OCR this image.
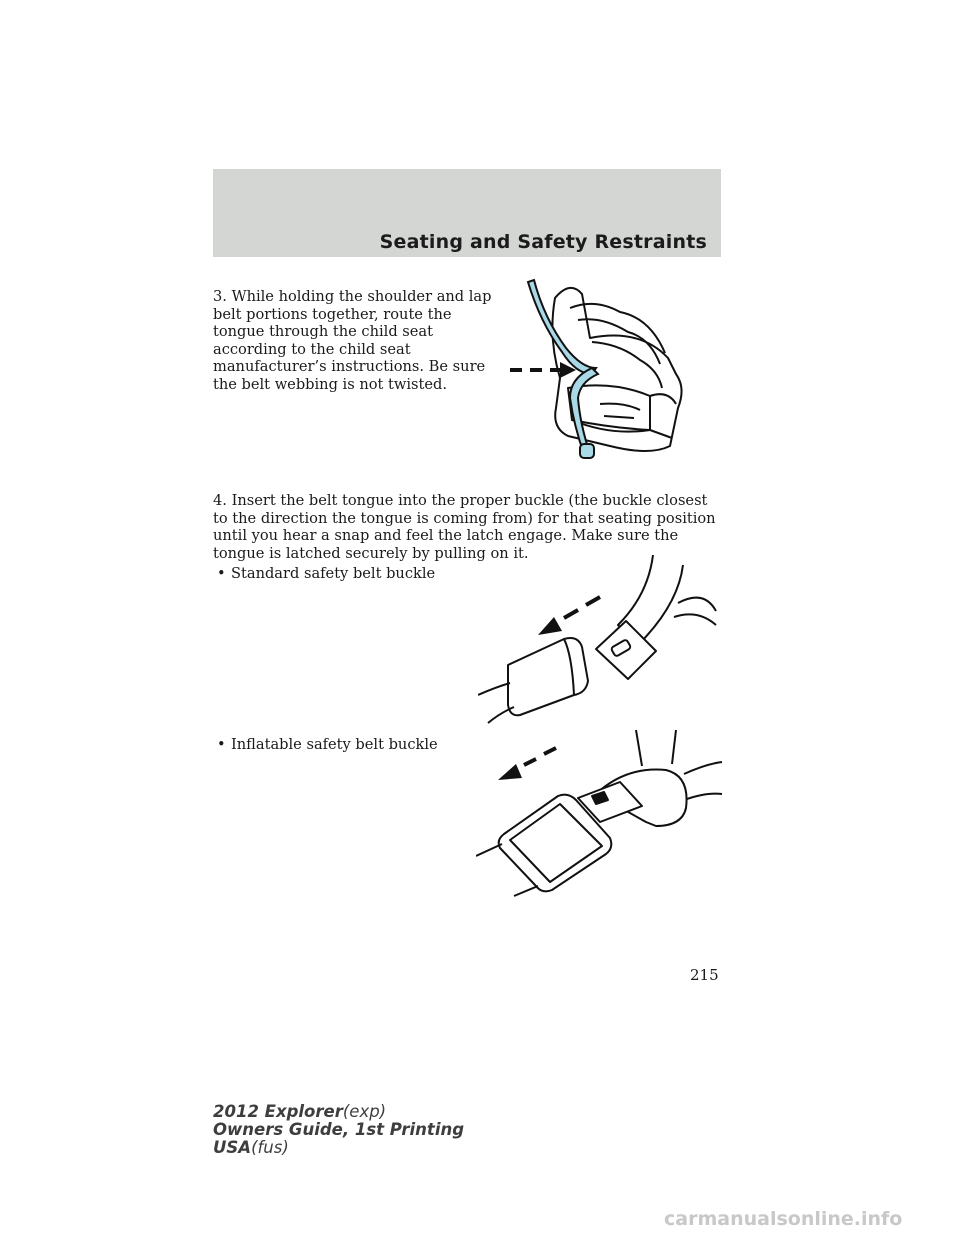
Seating and Safety Restraints

3. While holding the shoulder and lap belt portions together, route the tongue through the child seat according to the child seat manufacturer’s instructions. Be sure the belt webbing is not twisted.

4. Insert the belt tongue into the proper buckle (the buckle closest to the direction the tongue is coming from) for that seating position until you hear a snap and feel the latch engage. Make sure the tongue is latched securely by pulling on it.

• Standard safety belt buckle
• Inflatable safety belt buckle
215
2012 Explorer(exp)
Owners Guide, 1st Printing
USA(fus)
carmanualsonline.info
